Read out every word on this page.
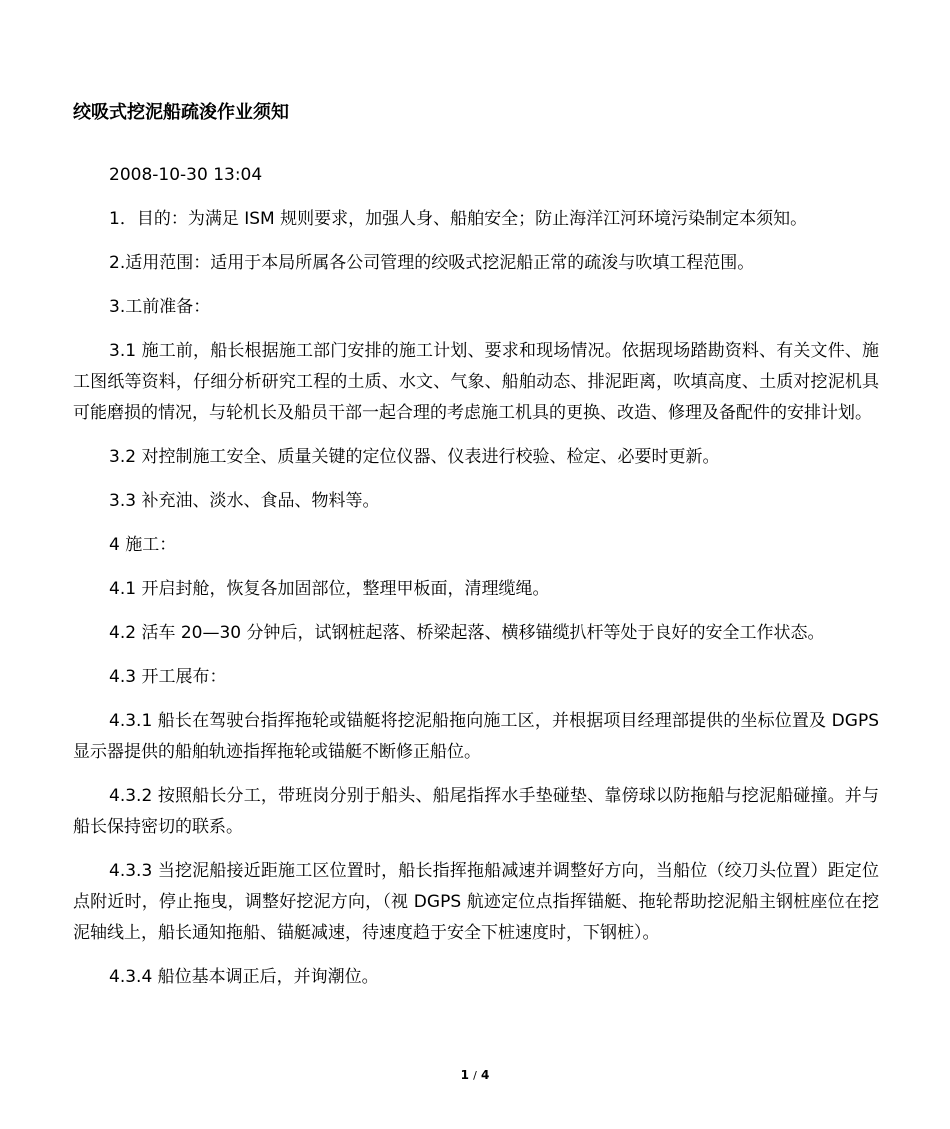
绞吸式挖泥船疏浚作业须知

2008-10-30 13:04

1．目的：为满足 ISM 规则要求，加强人身、船舶安全；防止海洋江河环境污染制定本须知。

2.适用范围：适用于本局所属各公司管理的绞吸式挖泥船正常的疏浚与吹填工程范围。

3.工前准备：

3.1 施工前，船长根据施工部门安排的施工计划、要求和现场情况。依据现场踏勘资料、有关文件、施工图纸等资料，仔细分析研究工程的土质、水文、气象、船舶动态、排泥距离，吹填高度、土质对挖泥机具可能磨损的情况，与轮机长及船员干部一起合理的考虑施工机具的更换、改造、修理及备配件的安排计划。

3.2 对控制施工安全、质量关键的定位仪器、仪表进行校验、检定、必要时更新。

3.3 补充油、淡水、食品、物料等。

4 施工：

4.1 开启封舱，恢复各加固部位，整理甲板面，清理缆绳。

4.2 活车 20—30 分钟后，试钢桩起落、桥梁起落、横移锚缆扒杆等处于良好的安全工作状态。

4.3 开工展布：

4.3.1 船长在驾驶台指挥拖轮或锚艇将挖泥船拖向施工区，并根据项目经理部提供的坐标位置及 DGPS 显示器提供的船舶轨迹指挥拖轮或锚艇不断修正船位。

4.3.2 按照船长分工，带班岗分别于船头、船尾指挥水手垫碰垫、靠傍球以防拖船与挖泥船碰撞。并与船长保持密切的联系。

4.3.3 当挖泥船接近距施工区位置时，船长指挥拖船减速并调整好方向，当船位（绞刀头位置）距定位点附近时，停止拖曳，调整好挖泥方向，（视 DGPS 航迹定位点指挥锚艇、拖轮帮助挖泥船主钢桩座位在挖泥轴线上，船长通知拖船、锚艇减速，待速度趋于安全下桩速度时，下钢桩）。

4.3.4 船位基本调正后，并询潮位。

1 / 4
